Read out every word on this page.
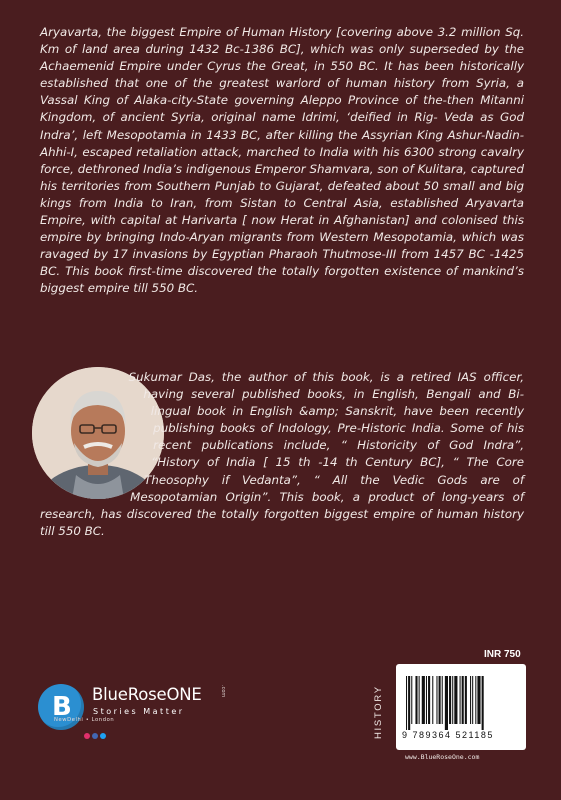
Aryavarta, the biggest Empire of Human History [covering above 3.2 million Sq. Km of land area during 1432 Bc-1386 BC], which was only superseded by the Achaemenid Empire under Cyrus the Great, in 550 BC. It has been historically established that one of the greatest warlord of human history from Syria, a Vassal King of Alaka-city-State governing Aleppo Province of the-then Mitanni Kingdom, of ancient Syria, original name Idrimi, ‘deified in Rig- Veda as God Indra’, left Mesopotamia in 1433 BC, after killing the Assyrian King Ashur-Nadin-Ahhi-I, escaped retaliation attack, marched to India with his 6300 strong cavalry force, dethroned India’s indigenous Emperor Shamvara, son of Kulitara, captured his territories from Southern Punjab to Gujarat, defeated about 50 small and big kings from India to Iran, from Sistan to Central Asia, established Aryavarta Empire, with capital at Harivarta [ now Herat in Afghanistan] and colonised this empire by bringing Indo-Aryan migrants from Western Mesopotamia, which was ravaged by 17 invasions by Egyptian Pharaoh Thutmose-III from 1457 BC -1425 BC. This book first-time discovered the totally forgotten existence of mankind’s biggest empire till 550 BC.

Sukumar Das, the author of this book, is a retired IAS officer, having several published books, in English, Bengali and Bi-lingual book in English &amp; Sanskrit, have been recently publishing books of Indology, Pre-Historic India. Some of his recent publications include, “ Historicity of God Indra”, “History of India [ 15 th -14 th Century BC], “ The Core Theosophy if Vedanta”, “ All the Vedic Gods are of Mesopotamian Origin”. This book, a product of long-years of research, has discovered the totally forgotten biggest empire of human history till 550 BC.

B BlueRoseONE	.com
Stories Matter
NewDelhi • London
INR 750
HISTORY 9 789364 521185
www.BlueRoseOne.com
